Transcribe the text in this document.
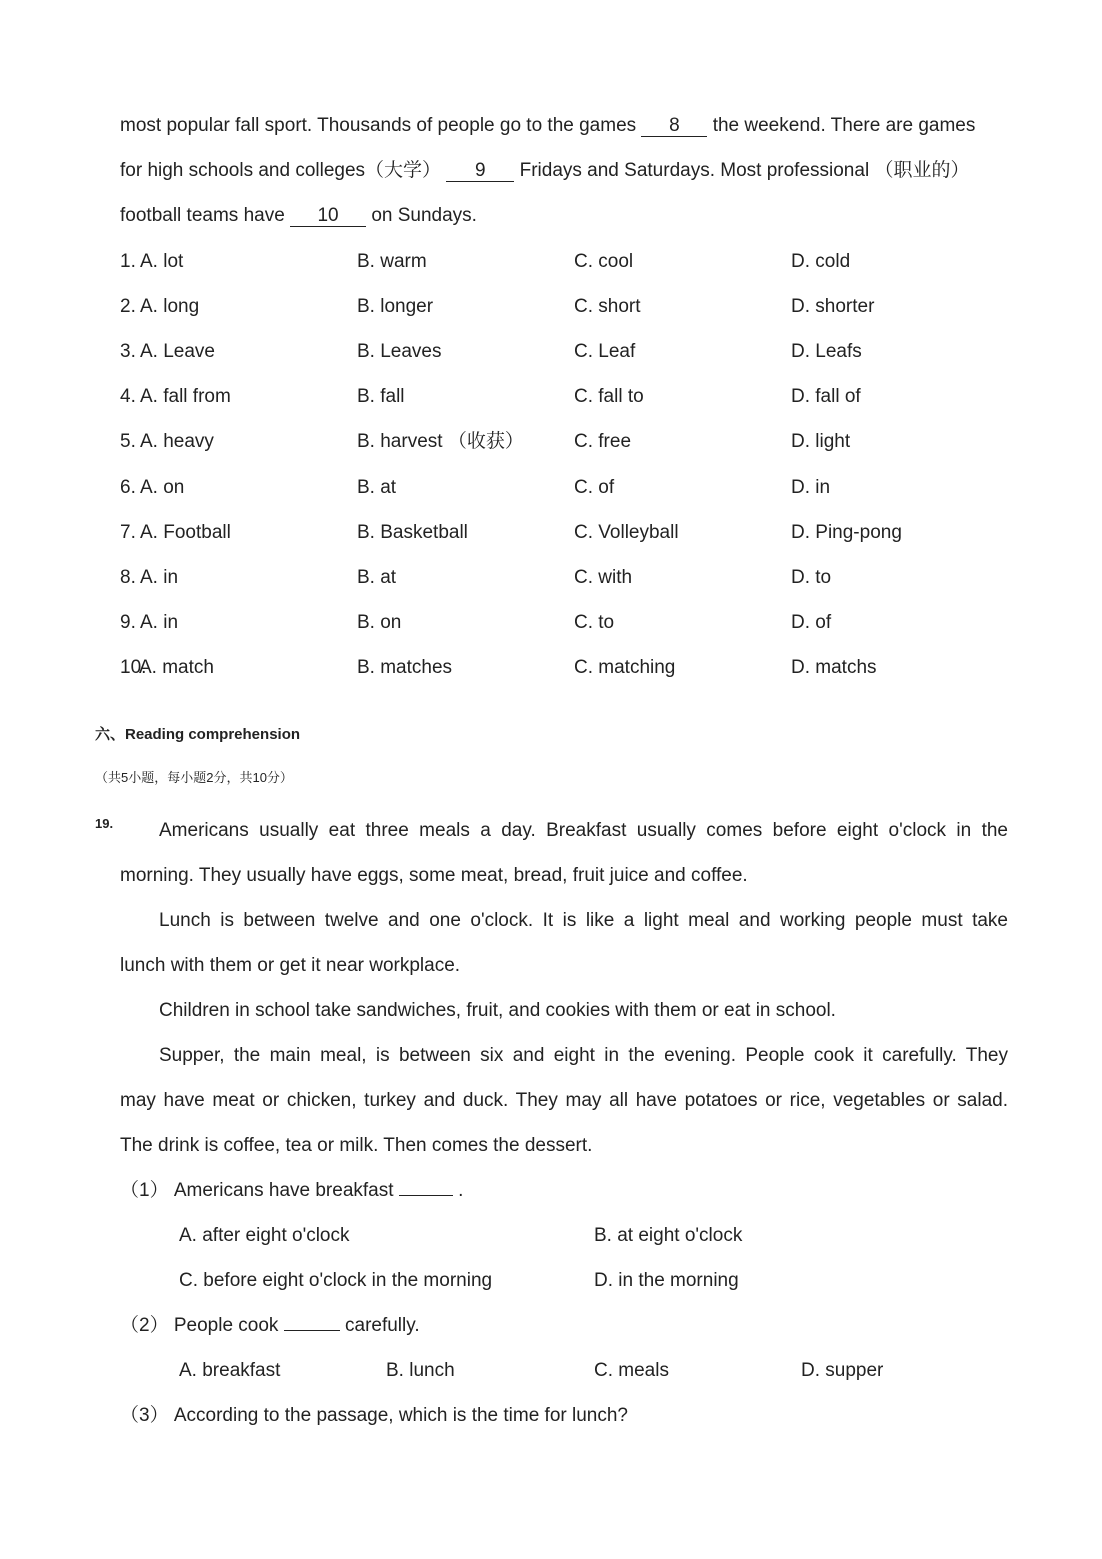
most popular fall sport. Thousands of people go to the games 8 the weekend. There are games
for high schools and colleges（大学） 9 Fridays and Saturdays. Most professional （职业的）
football teams have 10 on Sundays.
1. A. lot	B. warm	C. cool	D. cold
2. A. long	B. longer	C. short	D. shorter
3. A. Leave	B. Leaves	C. Leaf	D. Leafs
4. A. fall from	B. fall	C. fall to	D. fall of
5. A. heavy	B. harvest （收获）	C. free	D. light
6. A. on	B. at	C. of	D. in
7. A. Football	B. Basketball	C. Volleyball	D. Ping-pong
8. A. in	B. at	C. with	D. to
9. A. in	B. on	C. to	D. of
10.
A. match	B. matches	C. matching	D. matchs
六、Reading comprehension
（共5小题，每小题2分，共10分）
19.	Americans usually eat three meals a day. Breakfast usually comes before eight o'clock in the
morning. They usually have eggs, some meat, bread, fruit juice and coffee.
Lunch is between twelve and one o'clock. It is like a light meal and working people must take
lunch with them or get it near workplace.
Children in school take sandwiches, fruit, and cookies with them or eat in school.
Supper, the main meal, is between six and eight in the evening. People cook it carefully. They
may have meat or chicken, turkey and duck. They may all have potatoes or rice, vegetables or salad.
The drink is coffee, tea or milk. Then comes the dessert.
（1） Americans have breakfast	.
A. after eight o'clock	B. at eight o'clock
C. before eight o'clock in the morning	D. in the morning
（2） People cook	carefully.
A. breakfast	B. lunch	C. meals	D. supper
（3） According to the passage, which is the time for lunch?
